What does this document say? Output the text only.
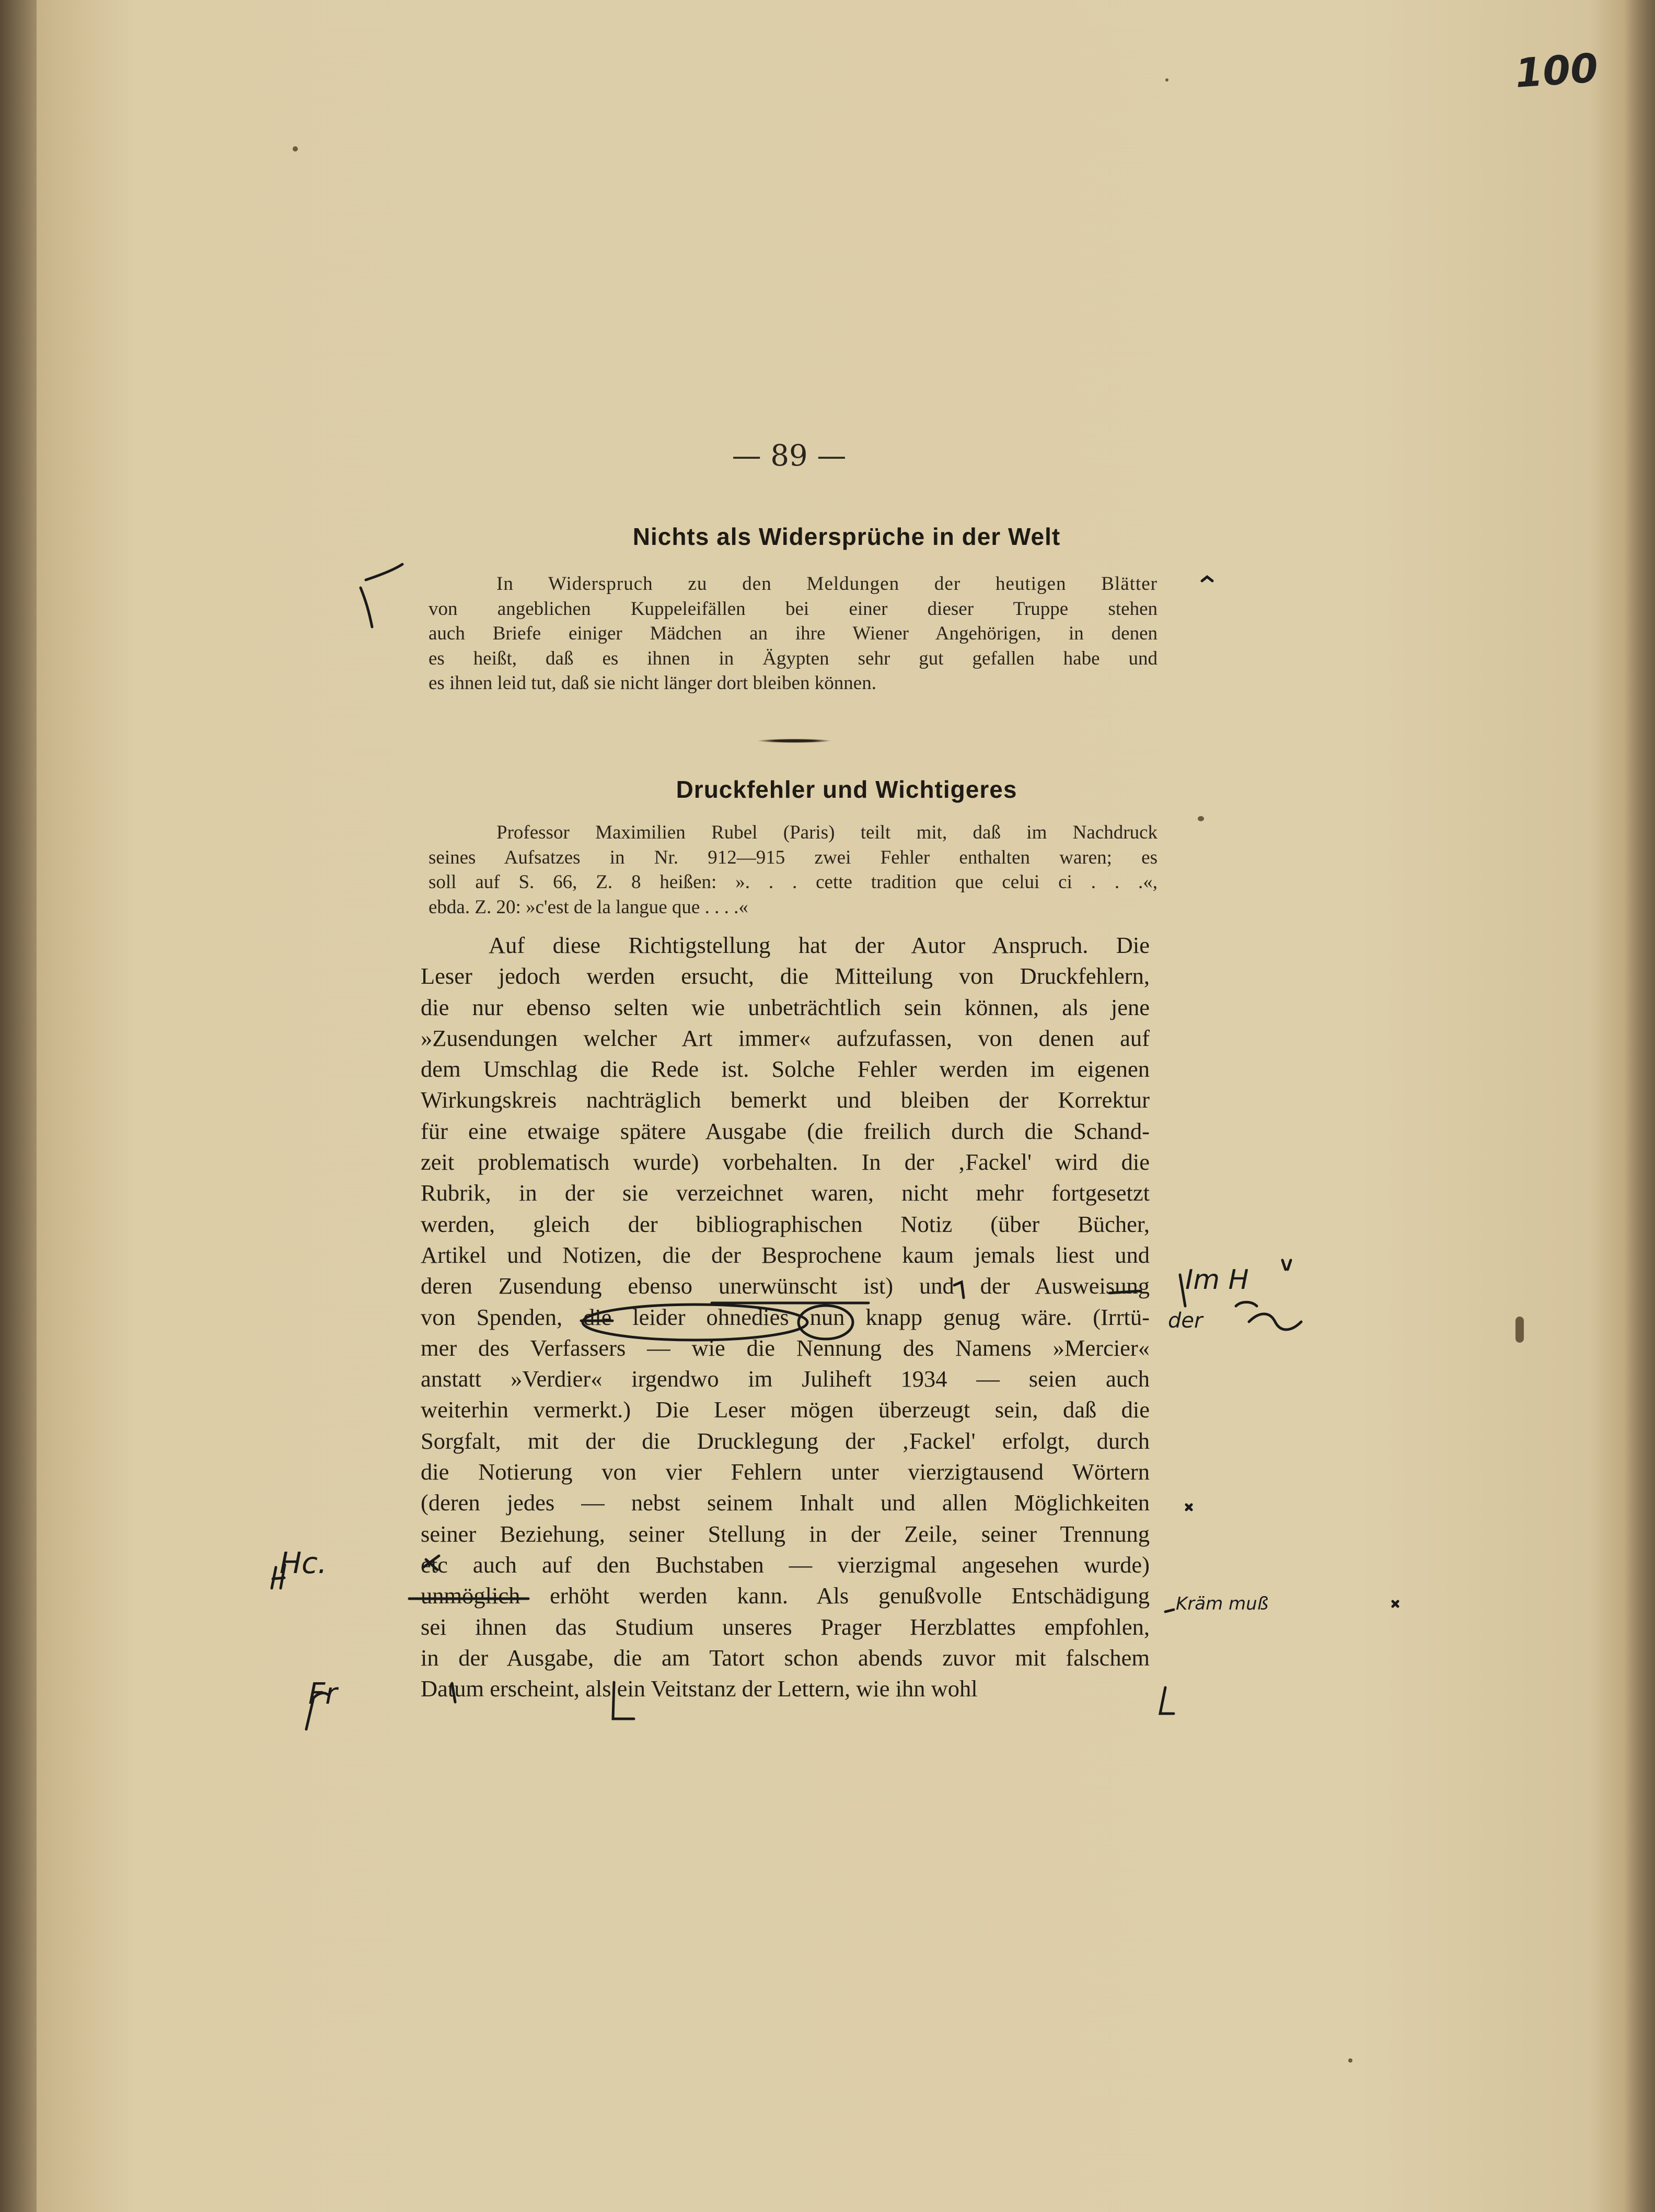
100
— 89 —
Nichts als Widersprüche in der Welt
In Widerspruch zu den Meldungen der heutigen Blätter
von angeblichen Kuppeleifällen bei einer dieser Truppe stehen
auch Briefe einiger Mädchen an ihre Wiener Angehörigen, in denen
es heißt, daß es ihnen in Ägypten sehr gut gefallen habe und
es ihnen leid tut, daß sie nicht länger dort bleiben können.
Druckfehler und Wichtigeres
Professor Maximilien Rubel (Paris) teilt mit, daß im Nachdruck
seines Aufsatzes in Nr. 912—915 zwei Fehler enthalten waren; es
soll auf S. 66, Z. 8 heißen: ». . . cette tradition que celui ci . . .«,
ebda. Z. 20: »c'est de la langue que . . . .«
Auf diese Richtigstellung hat der Autor Anspruch. Die
Leser jedoch werden ersucht, die Mitteilung von Druckfehlern,
die nur ebenso selten wie unbeträchtlich sein können, als jene
»Zusendungen welcher Art immer« aufzufassen, von denen auf
dem Umschlag die Rede ist. Solche Fehler werden im eigenen
Wirkungskreis nachträglich bemerkt und bleiben der Korrektur
für eine etwaige spätere Ausgabe (die freilich durch die Schand-
zeit problematisch wurde) vorbehalten. In der ‚Fackel' wird die
Rubrik, in der sie verzeichnet waren, nicht mehr fortgesetzt
werden, gleich der bibliographischen Notiz (über Bücher,
Artikel und Notizen, die der Besprochene kaum jemals liest und
deren Zusendung ebenso unerwünscht ist) und der Ausweisung
von Spenden, die leider ohnedies nun knapp genug wäre. (Irrtü-
mer des Verfassers — wie die Nennung des Namens »Mercier«
anstatt »Verdier« irgendwo im Juliheft 1934 — seien auch
weiterhin vermerkt.) Die Leser mögen überzeugt sein, daß die
Sorgfalt, mit der die Drucklegung der ‚Fackel' erfolgt, durch
die Notierung von vier Fehlern unter vierzigtausend Wörtern
(deren jedes — nebst seinem Inhalt und allen Möglichkeiten
seiner Beziehung, seiner Stellung in der Zeile, seiner Trennung
etc auch auf den Buchstaben — vierzigmal angesehen wurde)
unmöglich erhöht werden kann. Als genußvolle Entschädigung
sei ihnen das Studium unseres Prager Herzblattes empfohlen,
in der Ausgabe, die am Tatort schon abends zuvor mit falschem
Datum erscheint, als ein Veitstanz der Lettern, wie ihn wohl
Im H
der
Kräm muß
Hc.
Fr
